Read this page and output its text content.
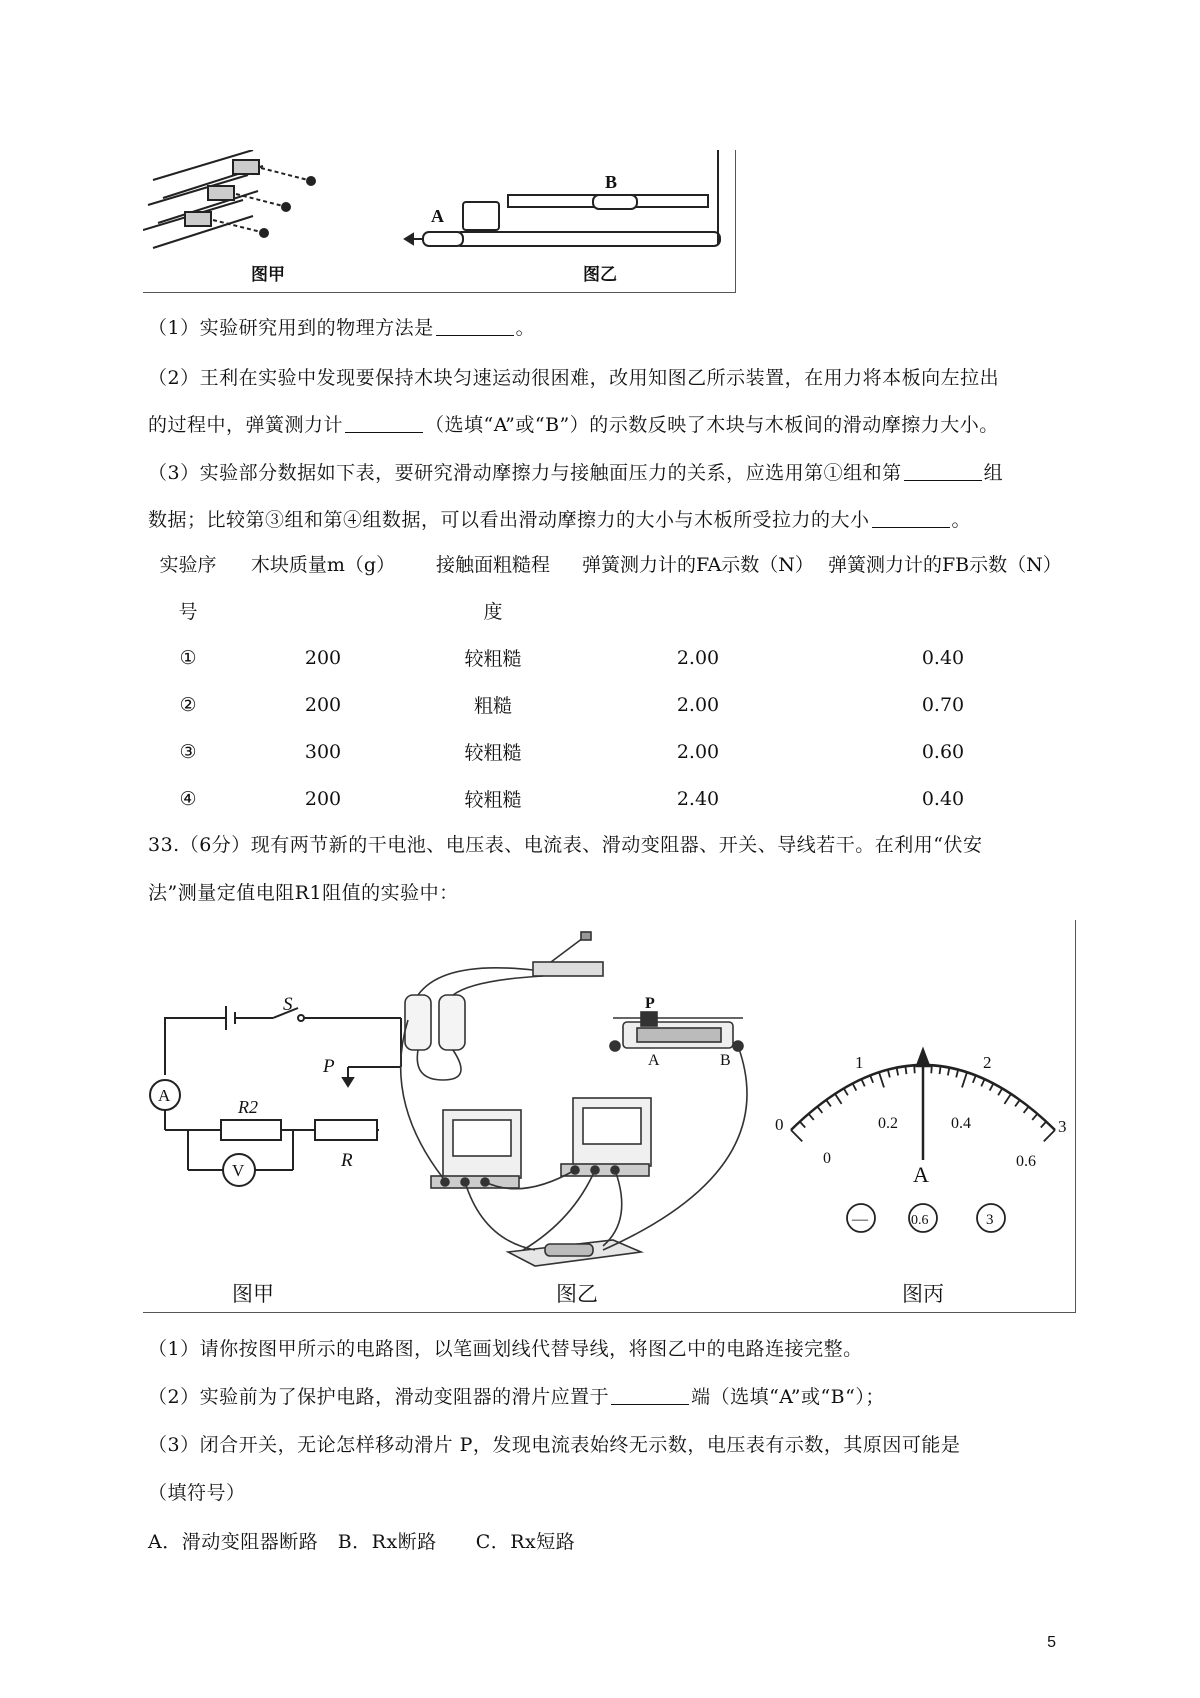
A
B
图甲	图乙
（1）实验研究用到的物理方法是	。
（2）王利在实验中发现要保持木块匀速运动很困难，改用知图乙所示装置，在用力将本板向左拉出
的过程中，弹簧测力计	（选填“A”或“B”）的示数反映了木块与木板间的滑动摩擦力大小。
（3）实验部分数据如下表，要研究滑动摩擦力与接触面压力的关系，应选用第①组和第	组
数据；比较第③组和第④组数据，可以看出滑动摩擦力的大小与木板所受拉力的大小	。
实验序	木块质量m（g）	接触面粗糙程	弹簧测力计的FA示数（N）	弹簧测力计的FB示数（N）
号		度		
①	200	较粗糙	2.00	0.40
②	200	粗糙	2.00	0.70
③	300	较粗糙	2.00	0.60
④	200	较粗糙	2.40	0.40
33.（6分）现有两节新的干电池、电压表、电流表、滑动变阻器、开关、导线若干。在利用“伏安
法”测量定值电阻R1阻值的实验中：
A
V
S
R2
P
R
P
A	B
0
1	2
3
0
0.2	0.4
0.6
A
—	0.6	3
图甲	图乙	图丙
（1）请你按图甲所示的电路图，以笔画划线代替导线，将图乙中的电路连接完整。
（2）实验前为了保护电路，滑动变阻器的滑片应置于	端（选填“A”或“B“）；
（3）闭合开关，无论怎样移动滑片 P，发现电流表始终无示数，电压表有示数，其原因可能是
（填符号）
A．滑动变阻器断路　B．Rx断路　　C．Rx短路
5
